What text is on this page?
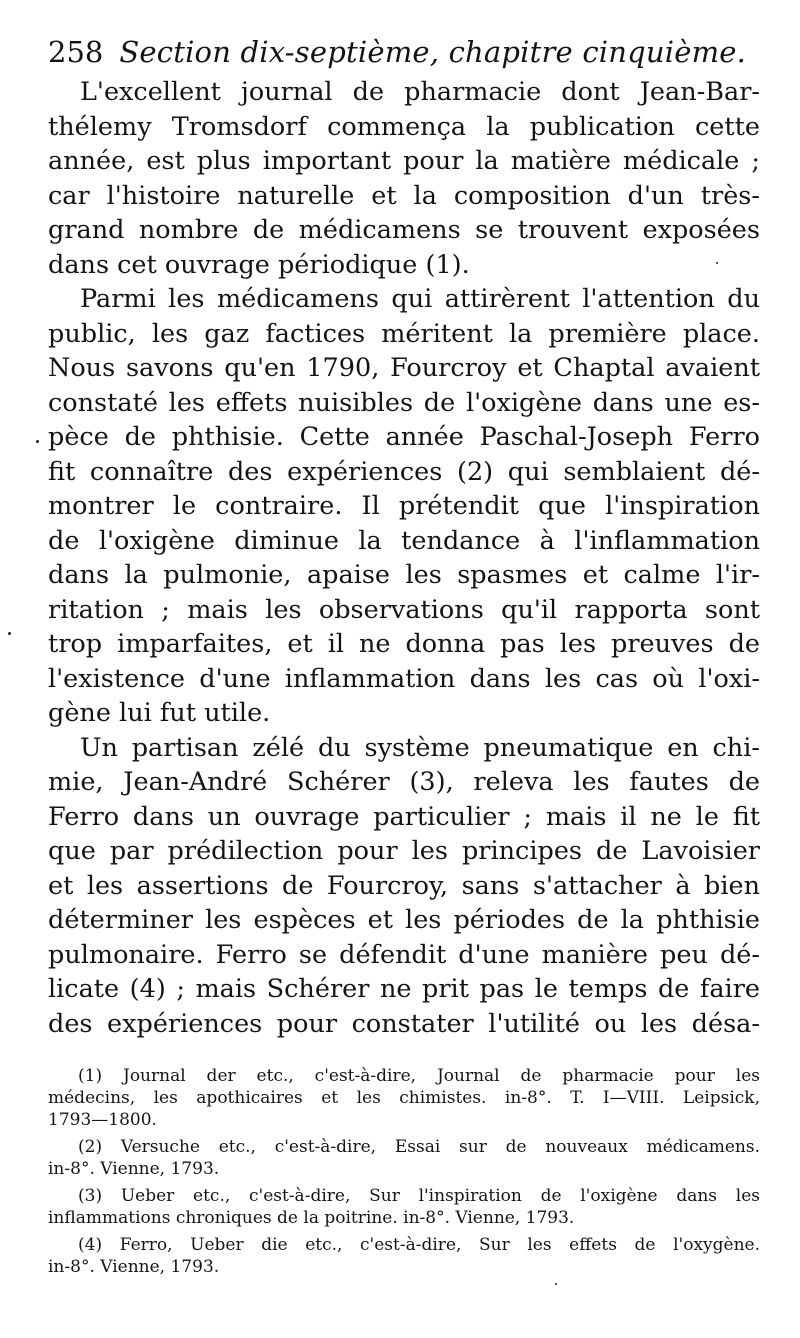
258 Section dix-septième, chapitre cinquième.
L'excellent journal de pharmacie dont Jean-Bar-
thélemy Tromsdorf commença la publication cette
année, est plus important pour la matière médicale ;
car l'histoire naturelle et la composition d'un très-
grand nombre de médicamens se trouvent exposées
dans cet ouvrage périodique (1).
Parmi les médicamens qui attirèrent l'attention du
public, les gaz factices méritent la première place.
Nous savons qu'en 1790, Fourcroy et Chaptal avaient
constaté les effets nuisibles de l'oxigène dans une es-
pèce de phthisie. Cette année Paschal-Joseph Ferro
fit connaître des expériences (2) qui semblaient dé-
montrer le contraire. Il prétendit que l'inspiration
de l'oxigène diminue la tendance à l'inflammation
dans la pulmonie, apaise les spasmes et calme l'ir-
ritation ; mais les observations qu'il rapporta sont
trop imparfaites, et il ne donna pas les preuves de
l'existence d'une inflammation dans les cas où l'oxi-
gène lui fut utile.
Un partisan zélé du système pneumatique en chi-
mie, Jean-André Schérer (3), releva les fautes de
Ferro dans un ouvrage particulier ; mais il ne le fit
que par prédilection pour les principes de Lavoisier
et les assertions de Fourcroy, sans s'attacher à bien
déterminer les espèces et les périodes de la phthisie
pulmonaire. Ferro se défendit d'une manière peu dé-
licate (4) ; mais Schérer ne prit pas le temps de faire
des expériences pour constater l'utilité ou les désa-
(1) Journal der etc., c'est-à-dire, Journal de pharmacie pour les
médecins, les apothicaires et les chimistes. in-8°. T. I—VIII. Leipsick,
1793—1800.
(2) Versuche etc., c'est-à-dire, Essai sur de nouveaux médicamens.
in-8°. Vienne, 1793.
(3) Ueber etc., c'est-à-dire, Sur l'inspiration de l'oxigène dans les
inflammations chroniques de la poitrine. in-8°. Vienne, 1793.
(4) Ferro, Ueber die etc., c'est-à-dire, Sur les effets de l'oxygène.
in-8°. Vienne, 1793.
